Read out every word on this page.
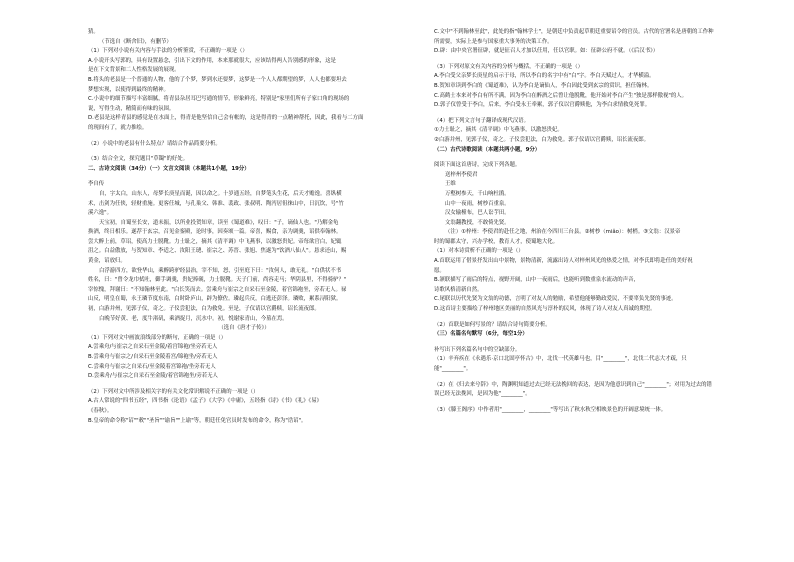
猜。

（节选自《断舍旧》，有删节）

（1）下列对小说有关内容与手法的分析鉴赏，不正确的一项是（）

A.小说开头写郭的，具有设置悬念，引出下文的作用，本来那就很大，应该结得两人告别感的形象，这是

是在下文背景和二人性格发展的展现。

B.将头的老县是一个普通的人物，他的了个梦，梦到水还要梦，这梦是一个人人都期望的梦，人人也都要坦去

梦想实现，以使得到最终的精神。

C.小说中的细节描写丰富细腻，将青县杂居耳巴写通的情节，形象鲜亮，特别是"家里们所有子家口角的现场的

说，写得生动，精简而有味的氛围。

D.老县是这样青县的感觉是在水面上，得青是他坚信自己会有帐的，这是得青的一点精神帮托，因此，我看与二方面

的现间有了，就力推绘。

（2）小说中的老县有什么特点？请结合作品简要分析。

（3）结合全文，探究题目"草镯"的好处。

二、古诗文阅读（34分）（一）文言文阅读（本题共1小题，19分）

李自传

自，字太白，山东人，母梦长庚星而诞，因以命之。十岁通五经，自梦笔头生花，后天才赡逸。喜纵横

术，击剑为任侠，轻财重施。更客任城，与孔巢父、韩准、裴政、张叔明、陶沔居徂徕山中，日沉饮，号"竹

溪六逸"。

天宝初，自蜀至长安，道未振，以所业投贺知章，读至《蜀道难》，叹曰："子，谪仙人也。"乃解金龟

换酒，终日相乐。遂荐于玄宗，召见金銮殿，论时事，因奏颂一篇。帝喜，赐食，亲为调羹，诏供奉翰林。

尝大醉上前，草诏，使高力士脱靴。力士耻之，摘其《清平调》中飞燕事，以激怒贵妃。帝每欲官白，妃辄

沮之。白益傲放，与贺知章、李适之、汝阳王琎、崔宗之、苏晋、张旭、焦遂为"饮酒八仙人"。恳求还山，赐

黄金，诏放归。

白浮游四方，欲登华山，乘醉跨驴经县治，宰不知，怒，引至庭下曰："汝何人，敢无礼。"白供状不书

姓名，曰："曾令龙巾拭吐，御手调羹，贵妃捧砚，力士脱靴。天子门前，尚容走马；华阴县里，不得骑驴？"

宰惊愧，拜谢曰："不知翰林至此。"白长笑而去。尝乘舟与崔宗之自采石至金陵，着宫锦袍坐，旁若无人。禄

山反，明皇在蜀，永王璘节度东南，白时卧庐山，辟为僚佐。璘起兵反，白逃还彭泽。璘败，累系浔阳狱。

初，白游并州，见郭子仪，奇之。子仪尝犯法，白为救免。至是，子仪请以官爵赎，诏长流夜郎。

白晚节好黄、老，度牛渚矶，乘酒捉月，沉水中。初，悦谢家青山，今墓在焉。

（选自《唐才子传》）

（1）下列对文中画波浪线部分的断句，正确的一项是（）

A.尝乘舟/与崔宗之自采石至金陵/着宫锦袍/坐旁若无人

B.尝乘舟与崔宗之/自采石至金陵着宫/锦袍坐/旁若无人

C.尝乘舟与崔宗之自采石/至金陵着宫锦袍/坐旁若无人

D.尝乘舟/与崔宗之自采石至金陵/着宫锦袍坐/旁若无人

（2）下列对文中所涉及相关字的有关文化常识解说不正确的一项是（）

A.古人常说的"四书五经"，四书指《论语》《孟子》《大学》《中庸》，五经指《诗》《书》《礼》《易》

《春秋》。

B.皇帝的命令称"诏""敕""圣旨""谕旨""上谕"等，朝廷任免官员时发布的命令，称为"诰诏"。

C.文中"不到翰林至此"，此处的指"翰林学士"，是朝廷中负责起草朝廷重要诏令的官员。古代的官署名是唐朝的工作种

所需要，实际上是参与国家重大事务的决策工作。

D.辟：由中央官署征辟，就是征召人才加以任用，任以官职。如：征辟公府不就。（《后汉书》）

（3）下列对原文有关内容的分析与概括，不正确的一项是（）

A.李白受父亲梦长庚星的启示于母，所以李白的名字中有"白"字。李白天赋过人，才华横溢。

B.贺知章读到李白的《蜀道难》，认为李白是谪仙人，李白因此受到玄宗的赏识，担任翰林。

C.高鹤士本来对李白有所不满，因为李白在醉酒之后曾让他脱靴，他开始对李白产生"独是那样傲视"的人。

D.郭子仪曾受于李白，后来，李白受永王牵累，郭子仪以官爵赎他，为李白求情救免死罪。

（4）把下列文言句子翻译成现代汉语。

①力士耻之，摘其《清平调》中飞燕事，以激怒贵妃。

②白游并州，见郭子仪，奇之。子仪尝犯法，白为救免。郭子仪请以官爵赎，诏长流夜郎。

（二）古代诗歌阅读（本题共两小题，9分）

阅读下面这首唐诗，完成下列各题。

送梓州李使君

王维

万壑树参天，千山响杜鹃。

山中一夜雨，树杪百重泉。

汉女输橦布，巴人讼芋田。

文翁翻教授，不敢倚先贤。

（注）①梓州：李使君的赴任之地，州治在今四川三台县。②树杪（miǎo）：树梢。③文翁：汉景帝

时的蜀郡太守，兴办学校，教育人才，使蜀地大化。

（1）对本诗赏析不正确的一项是（）

A.首联运用了借景抒发出山中景物，景物清新，流露出诗人对梓州风光的热爱之情，对李氏即将赴任的美好祝

愿。

B.颔联描写了雨后的特点，视野开阔，山中一夜雨后，也能听到数重泉水流动的声音，

诗歌风格清新自然。

C.尾联以历代先贤为文翁的功德，言明了对友人的勉励，希望他能够勤政爱民，不要辜负先贤的事迹。

D.这首诗主要描绘了梓州地区美丽的自然风光与淳朴的民风，体现了诗人对友人真诚的期望。

（2）首联是如何写景的？请结合诗句简要分析。

（三）名篇名句默写（6分，每空1分）

补写出下列名篇名句中的空缺部分。

（1）辛弃疾在《永遇乐·京口北固亭怀古》中，北伐一代英雄马也，目"________"，北伐二代志大才疏，只

能"________"。

（2）在《归去来兮辞》中，陶渊明知道过去已经无法挽回的表达，是因为他意识到自己"________"；对用为过去的错

误已经无法挽回，是因为他"________"。

（3）《滕王阁序》中作者用"________，________"等写出了秋水秋空相映景色的开阔意境统一体。
